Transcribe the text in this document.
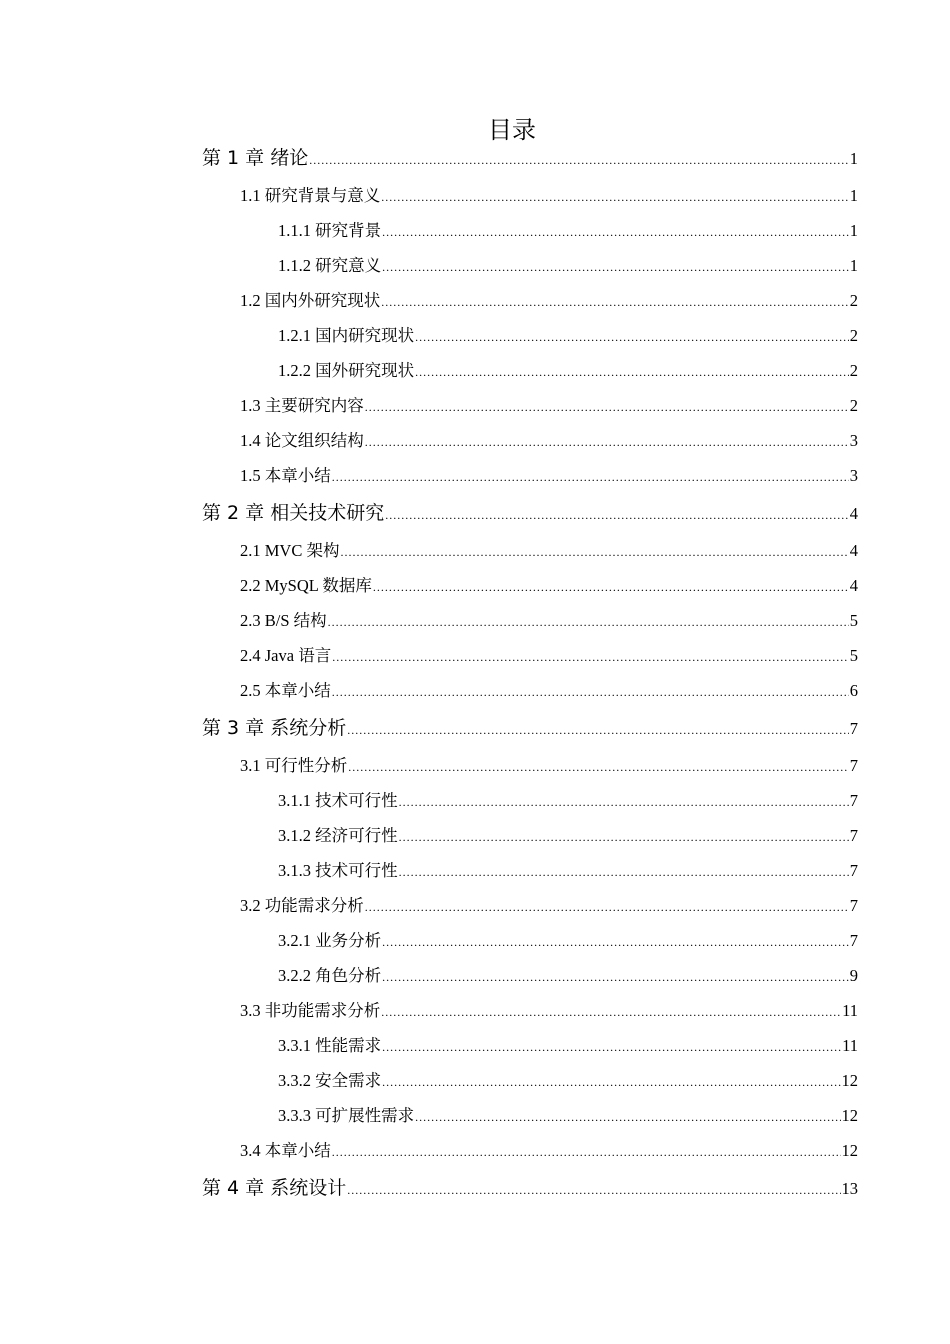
目录
第 1 章 绪论 .....	1
1.1 研究背景与意义 .....	1
1.1.1 研究背景 .....	1
1.1.2 研究意义 .....	1
1.2 国内外研究现状 .....	2
1.2.1 国内研究现状 .....	2
1.2.2 国外研究现状 .....	2
1.3 主要研究内容 .....	2
1.4 论文组织结构 .....	3
1.5 本章小结 .....	3
第 2 章 相关技术研究 .....	4
2.1 MVC 架构 .....	4
2.2 MySQL 数据库 .....	4
2.3 B/S 结构 .....	5
2.4 Java 语言 .....	5
2.5 本章小结 .....	6
第 3 章 系统分析 .....	7
3.1 可行性分析 .....	7
3.1.1 技术可行性 .....	7
3.1.2 经济可行性 .....	7
3.1.3 技术可行性 .....	7
3.2 功能需求分析 .....	7
3.2.1 业务分析 .....	7
3.2.2 角色分析 .....	9
3.3 非功能需求分析 .....	11
3.3.1 性能需求 .....	11
3.3.2 安全需求 .....	12
3.3.3 可扩展性需求 .....	12
3.4 本章小结 .....	12
第 4 章 系统设计 .....	13
